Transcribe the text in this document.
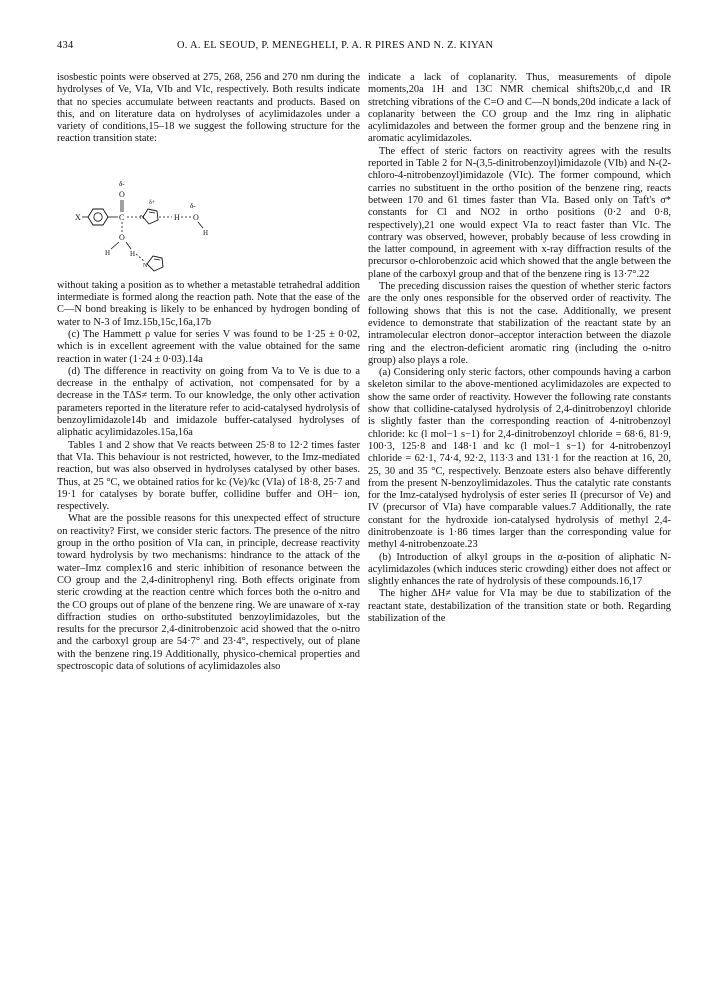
434	O. A. EL SEOUD, P. MENEGHELI, P. A. R PIRES AND N. Z. KIYAN

isosbestic points were observed at 275, 268, 256 and 270 nm during the hydrolyses of Ve, VIa, VIb and VIc, respectively. Both results indicate that no species accumulate between reactants and products. Based on this, and on literature data on hydrolyses of acylimidazoles under a variety of conditions,15–18 we suggest the following structure for the reaction transition state:

X	C
O
δ-
N
δ+
H O
δ-
H
O
H	H
N

without taking a position as to whether a metastable tetrahedral addition intermediate is formed along the reaction path. Note that the ease of the C—N bond breaking is likely to be enhanced by hydrogen bonding of water to N-3 of Imz.15b,15c,16a,17b

(c) The Hammett ρ value for series V was found to be 1·25 ± 0·02, which is in excellent agreement with the value obtained for the same reaction in water (1·24 ± 0·03).14a

(d) The difference in reactivity on going from Va to Ve is due to a decrease in the enthalpy of activation, not compensated for by a decrease in the TΔS≠ term. To our knowledge, the only other activation parameters reported in the literature refer to acid-catalysed hydrolysis of benzoylimidazole14b and imidazole buffer-catalysed hydrolyses of aliphatic acylimidazoles.15a,16a

Tables 1 and 2 show that Ve reacts between 25·8 to 12·2 times faster that VIa. This behaviour is not restricted, however, to the Imz-mediated reaction, but was also observed in hydrolyses catalysed by other bases. Thus, at 25 °C, we obtained ratios for kc (Ve)/kc (VIa) of 18·8, 25·7 and 19·1 for catalyses by borate buffer, collidine buffer and OH− ion, respectively.

What are the possible reasons for this unexpected effect of structure on reactivity? First, we consider steric factors. The presence of the nitro group in the ortho position of VIa can, in principle, decrease reactivity toward hydrolysis by two mechanisms: hindrance to the attack of the water–Imz complex16 and steric inhibition of resonance between the CO group and the 2,4-dinitrophenyl ring. Both effects originate from steric crowding at the reaction centre which forces both the o-nitro and the CO groups out of plane of the benzene ring. We are unaware of x-ray diffraction studies on ortho-substituted benzoylimidazoles, but the results for the precursor 2,4-dinitrobenzoic acid showed that the o-nitro and the carboxyl group are 54·7° and 23·4°, respectively, out of plane with the benzene ring.19 Additionally, physico-chemical properties and spectroscopic data of solutions of acylimidazoles also

indicate a lack of coplanarity. Thus, measurements of dipole moments,20a 1H and 13C NMR chemical shifts20b,c,d and IR stretching vibrations of the C=O and C—N bonds,20d indicate a lack of coplanarity between the CO group and the Imz ring in aliphatic acylimidazoles and between the former group and the benzene ring in aromatic acylimidazoles.

The effect of steric factors on reactivity agrees with the results reported in Table 2 for N-(3,5-dinitrobenzoyl)imidazole (VIb) and N-(2-chloro-4-nitrobenzoyl)imidazole (VIc). The former compound, which carries no substituent in the ortho position of the benzene ring, reacts between 170 and 61 times faster than VIa. Based only on Taft's σ* constants for Cl and NO2 in ortho positions (0·2 and 0·8, respectively),21 one would expect VIa to react faster than VIc. The contrary was observed, however, probably because of less crowding in the latter compound, in agreement with x-ray diffraction results of the precursor o-chlorobenzoic acid which showed that the angle between the plane of the carboxyl group and that of the benzene ring is 13·7°.22

The preceding discussion raises the question of whether steric factors are the only ones responsible for the observed order of reactivity. The following shows that this is not the case. Additionally, we present evidence to demonstrate that stabilization of the reactant state by an intramolecular electron donor–acceptor interaction between the diazole ring and the electron-deficient aromatic ring (including the o-nitro group) also plays a role.

(a) Considering only steric factors, other compounds having a carbon skeleton similar to the above-mentioned acylimidazoles are expected to show the same order of reactivity. However the following rate constants show that collidine-catalysed hydrolysis of 2,4-dinitrobenzoyl chloride is slightly faster than the corresponding reaction of 4-nitrobenzoyl chloride: kc (l mol−1 s−1) for 2,4-dinitrobenzoyl chloride = 68·6, 81·9, 100·3, 125·8 and 148·1 and kc (l mol−1 s−1) for 4-nitrobenzoyl chloride = 62·1, 74·4, 92·2, 113·3 and 131·1 for the reaction at 16, 20, 25, 30 and 35 °C, respectively. Benzoate esters also behave differently from the present N-benzoylimidazoles. Thus the catalytic rate constants for the Imz-catalysed hydrolysis of ester series II (precursor of Ve) and IV (precursor of VIa) have comparable values.7 Additionally, the rate constant for the hydroxide ion-catalysed hydrolysis of methyl 2,4-dinitrobenzoate is 1·86 times larger than the corresponding value for methyl 4-nitrobenzoate.23

(b) Introduction of alkyl groups in the α-position of aliphatic N-acylimidazoles (which induces steric crowding) either does not affect or slightly enhances the rate of hydrolysis of these compounds.16,17

The higher ΔH≠ value for VIa may be due to stabilization of the reactant state, destabilization of the transition state or both. Regarding stabilization of the
